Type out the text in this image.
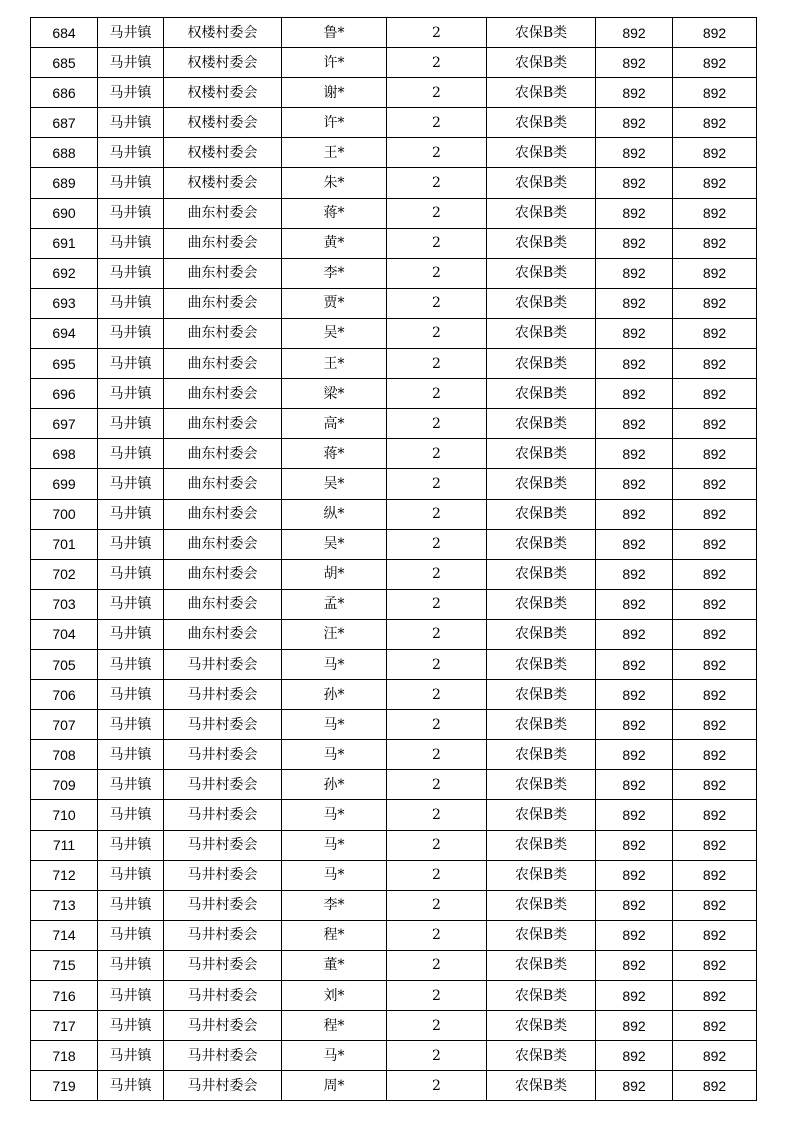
684	马井镇	权楼村委会	鲁*	2	农保B类	892	892
685	马井镇	权楼村委会	许*	2	农保B类	892	892
686	马井镇	权楼村委会	谢*	2	农保B类	892	892
687	马井镇	权楼村委会	许*	2	农保B类	892	892
688	马井镇	权楼村委会	王*	2	农保B类	892	892
689	马井镇	权楼村委会	朱*	2	农保B类	892	892
690	马井镇	曲东村委会	蒋*	2	农保B类	892	892
691	马井镇	曲东村委会	黄*	2	农保B类	892	892
692	马井镇	曲东村委会	李*	2	农保B类	892	892
693	马井镇	曲东村委会	贾*	2	农保B类	892	892
694	马井镇	曲东村委会	吴*	2	农保B类	892	892
695	马井镇	曲东村委会	王*	2	农保B类	892	892
696	马井镇	曲东村委会	梁*	2	农保B类	892	892
697	马井镇	曲东村委会	高*	2	农保B类	892	892
698	马井镇	曲东村委会	蒋*	2	农保B类	892	892
699	马井镇	曲东村委会	吴*	2	农保B类	892	892
700	马井镇	曲东村委会	纵*	2	农保B类	892	892
701	马井镇	曲东村委会	吴*	2	农保B类	892	892
702	马井镇	曲东村委会	胡*	2	农保B类	892	892
703	马井镇	曲东村委会	孟*	2	农保B类	892	892
704	马井镇	曲东村委会	汪*	2	农保B类	892	892
705	马井镇	马井村委会	马*	2	农保B类	892	892
706	马井镇	马井村委会	孙*	2	农保B类	892	892
707	马井镇	马井村委会	马*	2	农保B类	892	892
708	马井镇	马井村委会	马*	2	农保B类	892	892
709	马井镇	马井村委会	孙*	2	农保B类	892	892
710	马井镇	马井村委会	马*	2	农保B类	892	892
711	马井镇	马井村委会	马*	2	农保B类	892	892
712	马井镇	马井村委会	马*	2	农保B类	892	892
713	马井镇	马井村委会	李*	2	农保B类	892	892
714	马井镇	马井村委会	程*	2	农保B类	892	892
715	马井镇	马井村委会	董*	2	农保B类	892	892
716	马井镇	马井村委会	刘*	2	农保B类	892	892
717	马井镇	马井村委会	程*	2	农保B类	892	892
718	马井镇	马井村委会	马*	2	农保B类	892	892
719	马井镇	马井村委会	周*	2	农保B类	892	892
